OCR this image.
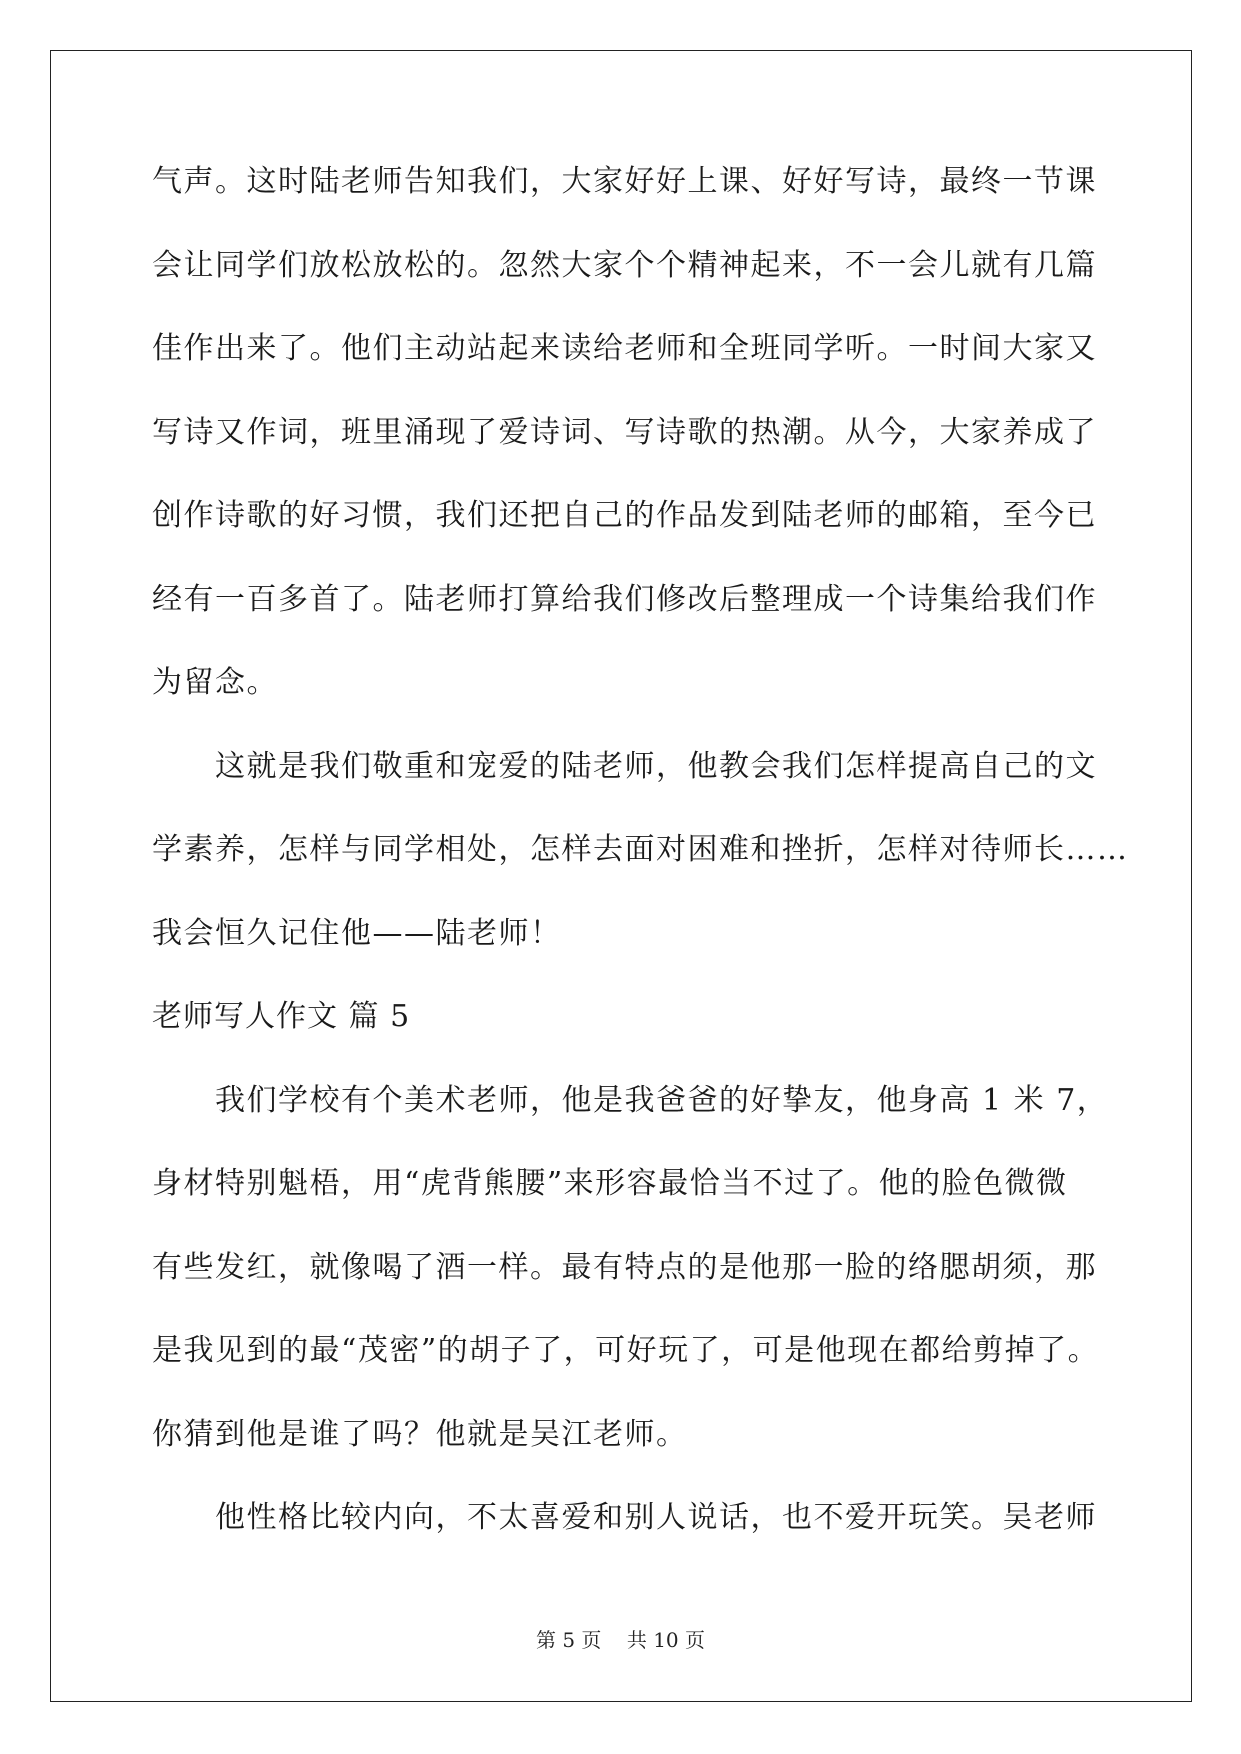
气声。这时陆老师告知我们，大家好好上课、好好写诗，最终一节课
会让同学们放松放松的。忽然大家个个精神起来，不一会儿就有几篇
佳作出来了。他们主动站起来读给老师和全班同学听。一时间大家又
写诗又作词，班里涌现了爱诗词、写诗歌的热潮。从今，大家养成了
创作诗歌的好习惯，我们还把自己的作品发到陆老师的邮箱，至今已
经有一百多首了。陆老师打算给我们修改后整理成一个诗集给我们作
为留念。
这就是我们敬重和宠爱的陆老师，他教会我们怎样提高自己的文
学素养，怎样与同学相处，怎样去面对困难和挫折，怎样对待师长……
我会恒久记住他——陆老师！
老师写人作文 篇 5
我们学校有个美术老师，他是我爸爸的好挚友，他身高 1 米 7，
身材特别魁梧，用“虎背熊腰”来形容最恰当不过了。他的脸色微微
有些发红，就像喝了酒一样。最有特点的是他那一脸的络腮胡须，那
是我见到的最“茂密”的胡子了，可好玩了，可是他现在都给剪掉了。
你猜到他是谁了吗？他就是吴江老师。
他性格比较内向，不太喜爱和别人说话，也不爱开玩笑。吴老师
第 5 页    共 10 页
